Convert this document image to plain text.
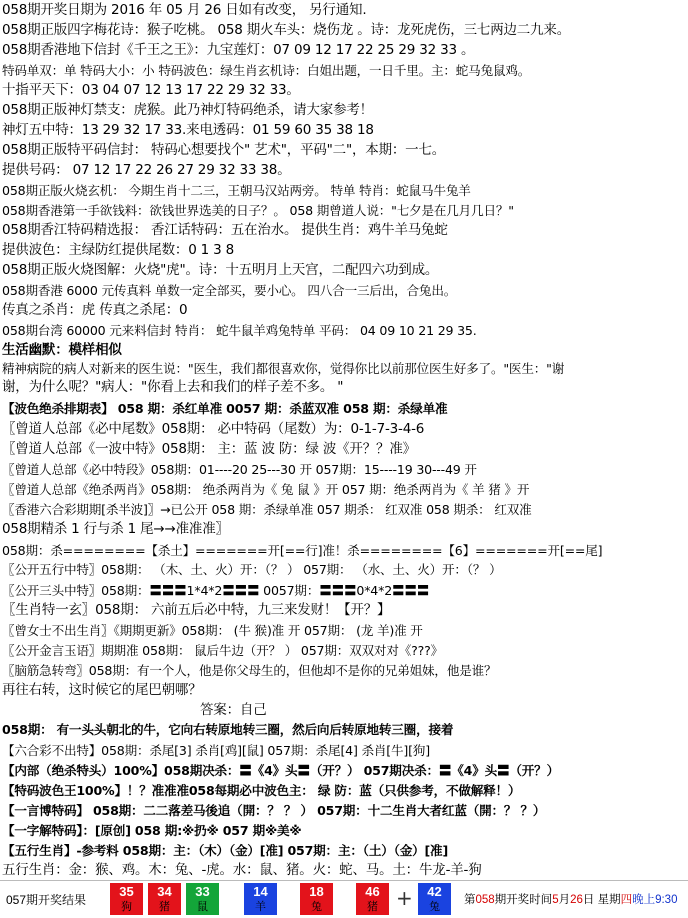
058期开奖日期为 2016 年 05 月 26 日如有改变， 另行通知.
058期正版四字梅花诗：猴子吃桃。 058 期火车头：烧伤龙 。诗：龙死虎伤，三七两边二九来。
058期香港地下信封《千王之王》：九宝莲灯：07 09 12 17 22 25 29 32 33 。
特码单双：单 特码大小：小 特码波色：绿生肖玄机诗：白姐出题，一日千里。主：蛇马兔鼠鸡。
十指平天下：03 04 07 12 13 17 22 29 32 33。
058期正版神灯禁支：虎猴。此乃神灯特码绝杀，请大家参考！
神灯五中特：13 29 32 17 33.来电透码：01 59 60 35 38 18
058期正版特平码信封： 特码心想要找个" 艺术"，平码"二"，本期：一七。
提供号码： 07 12 17 22 26 27 29 32 33 38。
058期正版火烧玄机： 今期生肖十二三，王朝马汉站两旁。 特单 特肖：蛇鼠马牛兔羊
058期香港第一手欲钱料：欲钱世界选美的日子？。 058 期曾道人说："七夕是在几月几日？"
058期香江特码精选报： 香江话特码：五在治水。 提供生肖：鸡牛羊马兔蛇
提供波色：主绿防红提供尾数：0 1 3 8
058期正版火烧图解：火烧"虎"。诗：十五明月上天宫，二配四六功到成。
058期香港 6000 元传真料 单数一定全部买，要小心。 四八合一三后出，合兔出。
传真之杀肖：虎 传真之杀尾：0
058期台湾 60000 元来料信封 特肖： 蛇牛鼠羊鸡兔特单 平码： 04 09 10 21 29 35.
生活幽默：模样相似
精神病院的病人对新来的医生说："医生，我们都很喜欢你，觉得你比以前那位医生好多了。"医生："谢
谢，为什么呢？"病人："你看上去和我们的样子差不多。 "
【波色绝杀排期表】 058 期：杀红单准 0057 期：杀蓝双准 058 期：杀绿单准
〖曾道人总部《必中尾数》058期： 必中特码（尾数）为：0-1-7-3-4-6
〖曾道人总部《一波中特》058期： 主：蓝 波 防：绿 波《开？？准》
〖曾道人总部《必中特段》058期：01----20 25---30 开 057期：15----19 30---49 开
〖曾道人总部《绝杀两肖》058期： 绝杀两肖为《 兔 鼠 》开 057 期：绝杀两肖为《 羊 猪 》开
〖香港六合彩期期[杀半波]〗→已公开 058 期：杀绿单准 057 期杀： 红双准 058 期杀： 红双准
058期精杀 1 行与杀 1 尾→→准准准〗
058期：杀========【杀土】=======开[==行]准！杀========【6】=======开[==尾]
〖公开五行中特〗058期： （木、土、火）开：（？ ） 057期： （水、土、火）开：（？ ）
〖公开三头中特〗058期：〓〓〓1*4*2〓〓〓 0057期：〓〓〓0*4*2〓〓〓
〖生肖特一玄〗058期： 六前五后必中特，九三来发财！【开？】
〖曾女士不出生肖〗《期期更新》058期： (牛 猴)准 开 057期： (龙 羊)准 开
〖公开金言玉语〗期期准 058期： 鼠后牛边（开？ ） 057期：双双对对《???》
〖脑筋急转弯〗058期：有一个人，他是你父母生的，但他却不是你的兄弟姐妹，他是谁？
再往右转，这时候它的尾巴朝哪？
答案：自己
058期： 有一头头朝北的牛，它向右转原地转三圈，然后向后转原地转三圈，接着
【六合彩不出特】058期：杀尾[3] 杀肖[鸡][鼠] 057期：杀尾[4] 杀肖[牛][狗]
【内部（绝杀特头）100%】058期决杀：〓《4》头〓（开？） 057期决杀：〓《4》头〓（开？）
【特码波色王100%】！？准准准058每期必中波色主： 绿 防：蓝（只供参考，不做解释！）
【一言博特码】 058期：二二落差马後追（開：？ ？ ） 057期：十二生肖大者红蓝（開：？ ？）
【一字解特码】：[原创] 058 期:※扔※ 057 期※美※
【五行生肖】-参考料 058期：主：（木）（金）[准] 057期：主：（土）（金）[准]
五行生肖：金：猴、鸡。木：兔、-虎。水：鼠、猪。火：蛇、马。土：牛龙-羊-狗
057期开奖结果
35
狗
34
猪
33
鼠
14
羊
18
兔
46
猪 +	42
兔
第058期开奖时间5月26日 星期四晚上9:30
